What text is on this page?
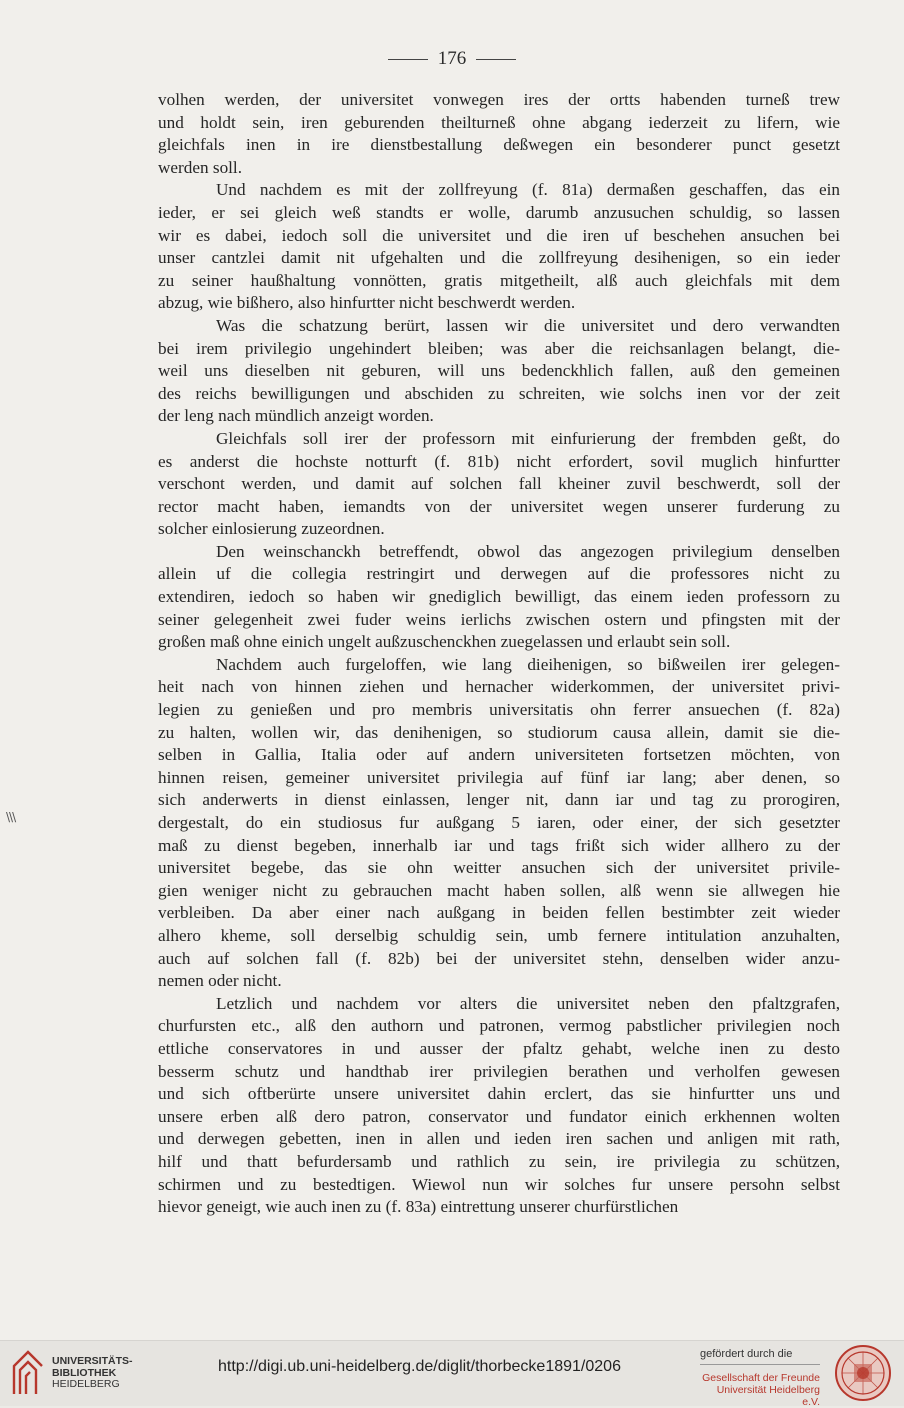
176
volhen werden, der universitet vonwegen ires der ortts habenden turneß trew
und holdt sein, iren geburenden theilturneß ohne abgang iederzeit zu lifern, wie
gleichfals inen in ire dienstbestallung deßwegen ein besonderer punct gesetzt
werden soll.
Und nachdem es mit der zollfreyung (f. 81a) dermaßen geschaffen, das ein
ieder, er sei gleich weß standts er wolle, darumb anzusuchen schuldig, so lassen
wir es dabei, iedoch soll die universitet und die iren uf beschehen ansuchen bei
unser cantzlei damit nit ufgehalten und die zollfreyung desihenigen, so ein ieder
zu seiner haußhaltung vonnötten, gratis mitgetheilt, alß auch gleichfals mit dem
abzug, wie bißhero, also hinfurtter nicht beschwerdt werden.
Was die schatzung berürt, lassen wir die universitet und dero verwandten
bei irem privilegio ungehindert bleiben; was aber die reichsanlagen belangt, die-
weil uns dieselben nit geburen, will uns bedenckhlich fallen, auß den gemeinen
des reichs bewilligungen und abschiden zu schreiten, wie solchs inen vor der zeit
der leng nach mündlich anzeigt worden.
Gleichfals soll irer der professorn mit einfurierung der frembden geßt, do
es anderst die hochste notturft (f. 81b) nicht erfordert, sovil muglich hinfurtter
verschont werden, und damit auf solchen fall kheiner zuvil beschwerdt, soll der
rector macht haben, iemandts von der universitet wegen unserer furderung zu
solcher einlosierung zuzeordnen.
Den weinschanckh betreffendt, obwol das angezogen privilegium denselben
allein uf die collegia restringirt und derwegen auf die professores nicht zu
extendiren, iedoch so haben wir gnediglich bewilligt, das einem ieden professorn zu
seiner gelegenheit zwei fuder weins ierlichs zwischen ostern und pfingsten mit der
großen maß ohne einich ungelt außzuschenckhen zuegelassen und erlaubt sein soll.
Nachdem auch furgeloffen, wie lang dieihenigen, so bißweilen irer gelegen-
heit nach von hinnen ziehen und hernacher widerkommen, der universitet privi-
legien zu genießen und pro membris universitatis ohn ferrer ansuechen (f. 82a)
zu halten, wollen wir, das denihenigen, so studiorum causa allein, damit sie die-
selben in Gallia, Italia oder auf andern universiteten fortsetzen möchten, von
hinnen reisen, gemeiner universitet privilegia auf fünf iar lang; aber denen, so
sich anderwerts in dienst einlassen, lenger nit, dann iar und tag zu prorogiren,
dergestalt, do ein studiosus fur außgang 5 iaren, oder einer, der sich gesetzter
maß zu dienst begeben, innerhalb iar und tags frißt sich wider allhero zu der
universitet begebe, das sie ohn weitter ansuchen sich der universitet privile-
gien weniger nicht zu gebrauchen macht haben sollen, alß wenn sie allwegen hie
verbleiben. Da aber einer nach außgang in beiden fellen bestimbter zeit wieder
alhero kheme, soll derselbig schuldig sein, umb fernere intitulation anzuhalten,
auch auf solchen fall (f. 82b) bei der universitet stehn, denselben wider anzu-
nemen oder nicht.
Letzlich und nachdem vor alters die universitet neben den pfaltzgrafen,
churfursten etc., alß den authorn und patronen, vermog pabstlicher privilegien noch
ettliche conservatores in und ausser der pfaltz gehabt, welche inen zu desto
besserm schutz und handthab irer privilegien berathen und verholfen gewesen
und sich oftberürte unsere universitet dahin erclert, das sie hinfurtter uns und
unsere erben alß dero patron, conservator und fundator einich erkhennen wolten
und derwegen gebetten, inen in allen und ieden iren sachen und anligen mit rath,
hilf und thatt befurdersamb und rathlich zu sein, ire privilegia zu schützen,
schirmen und zu bestedtigen. Wiewol nun wir solches fur unsere persohn selbst
hievor geneigt, wie auch inen zu (f. 83a) eintrettung unserer churfürstlichen
\\\
UNIVERSITÄTS-
BIBLIOTHEK
HEIDELBERG
http://digi.ub.uni-heidelberg.de/diglit/thorbecke1891/0206
gefördert durch die
Gesellschaft der Freunde
Universität Heidelberg e.V.
